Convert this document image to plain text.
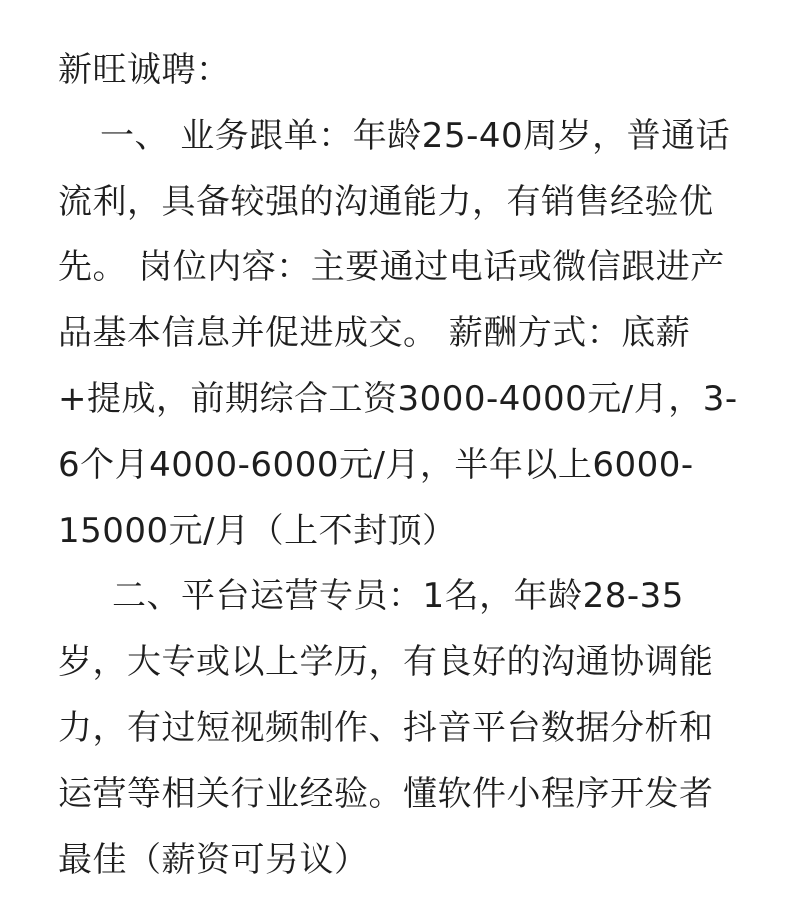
新旺诚聘：
一、 业务跟单：年龄25-40周岁，普通话
流利，具备较强的沟通能力，有销售经验优
先。 岗位内容：主要通过电话或微信跟进产
品基本信息并促进成交。 薪酬方式：底薪
+提成，前期综合工资3000-4000元/月，3-
6个月4000-6000元/月，半年以上6000-
15000元/月（上不封顶）
二、平台运营专员：1名，年龄28-35
岁，大专或以上学历，有良好的沟通协调能
力，有过短视频制作、抖音平台数据分析和
运营等相关行业经验。懂软件小程序开发者
最佳（薪资可另议）
